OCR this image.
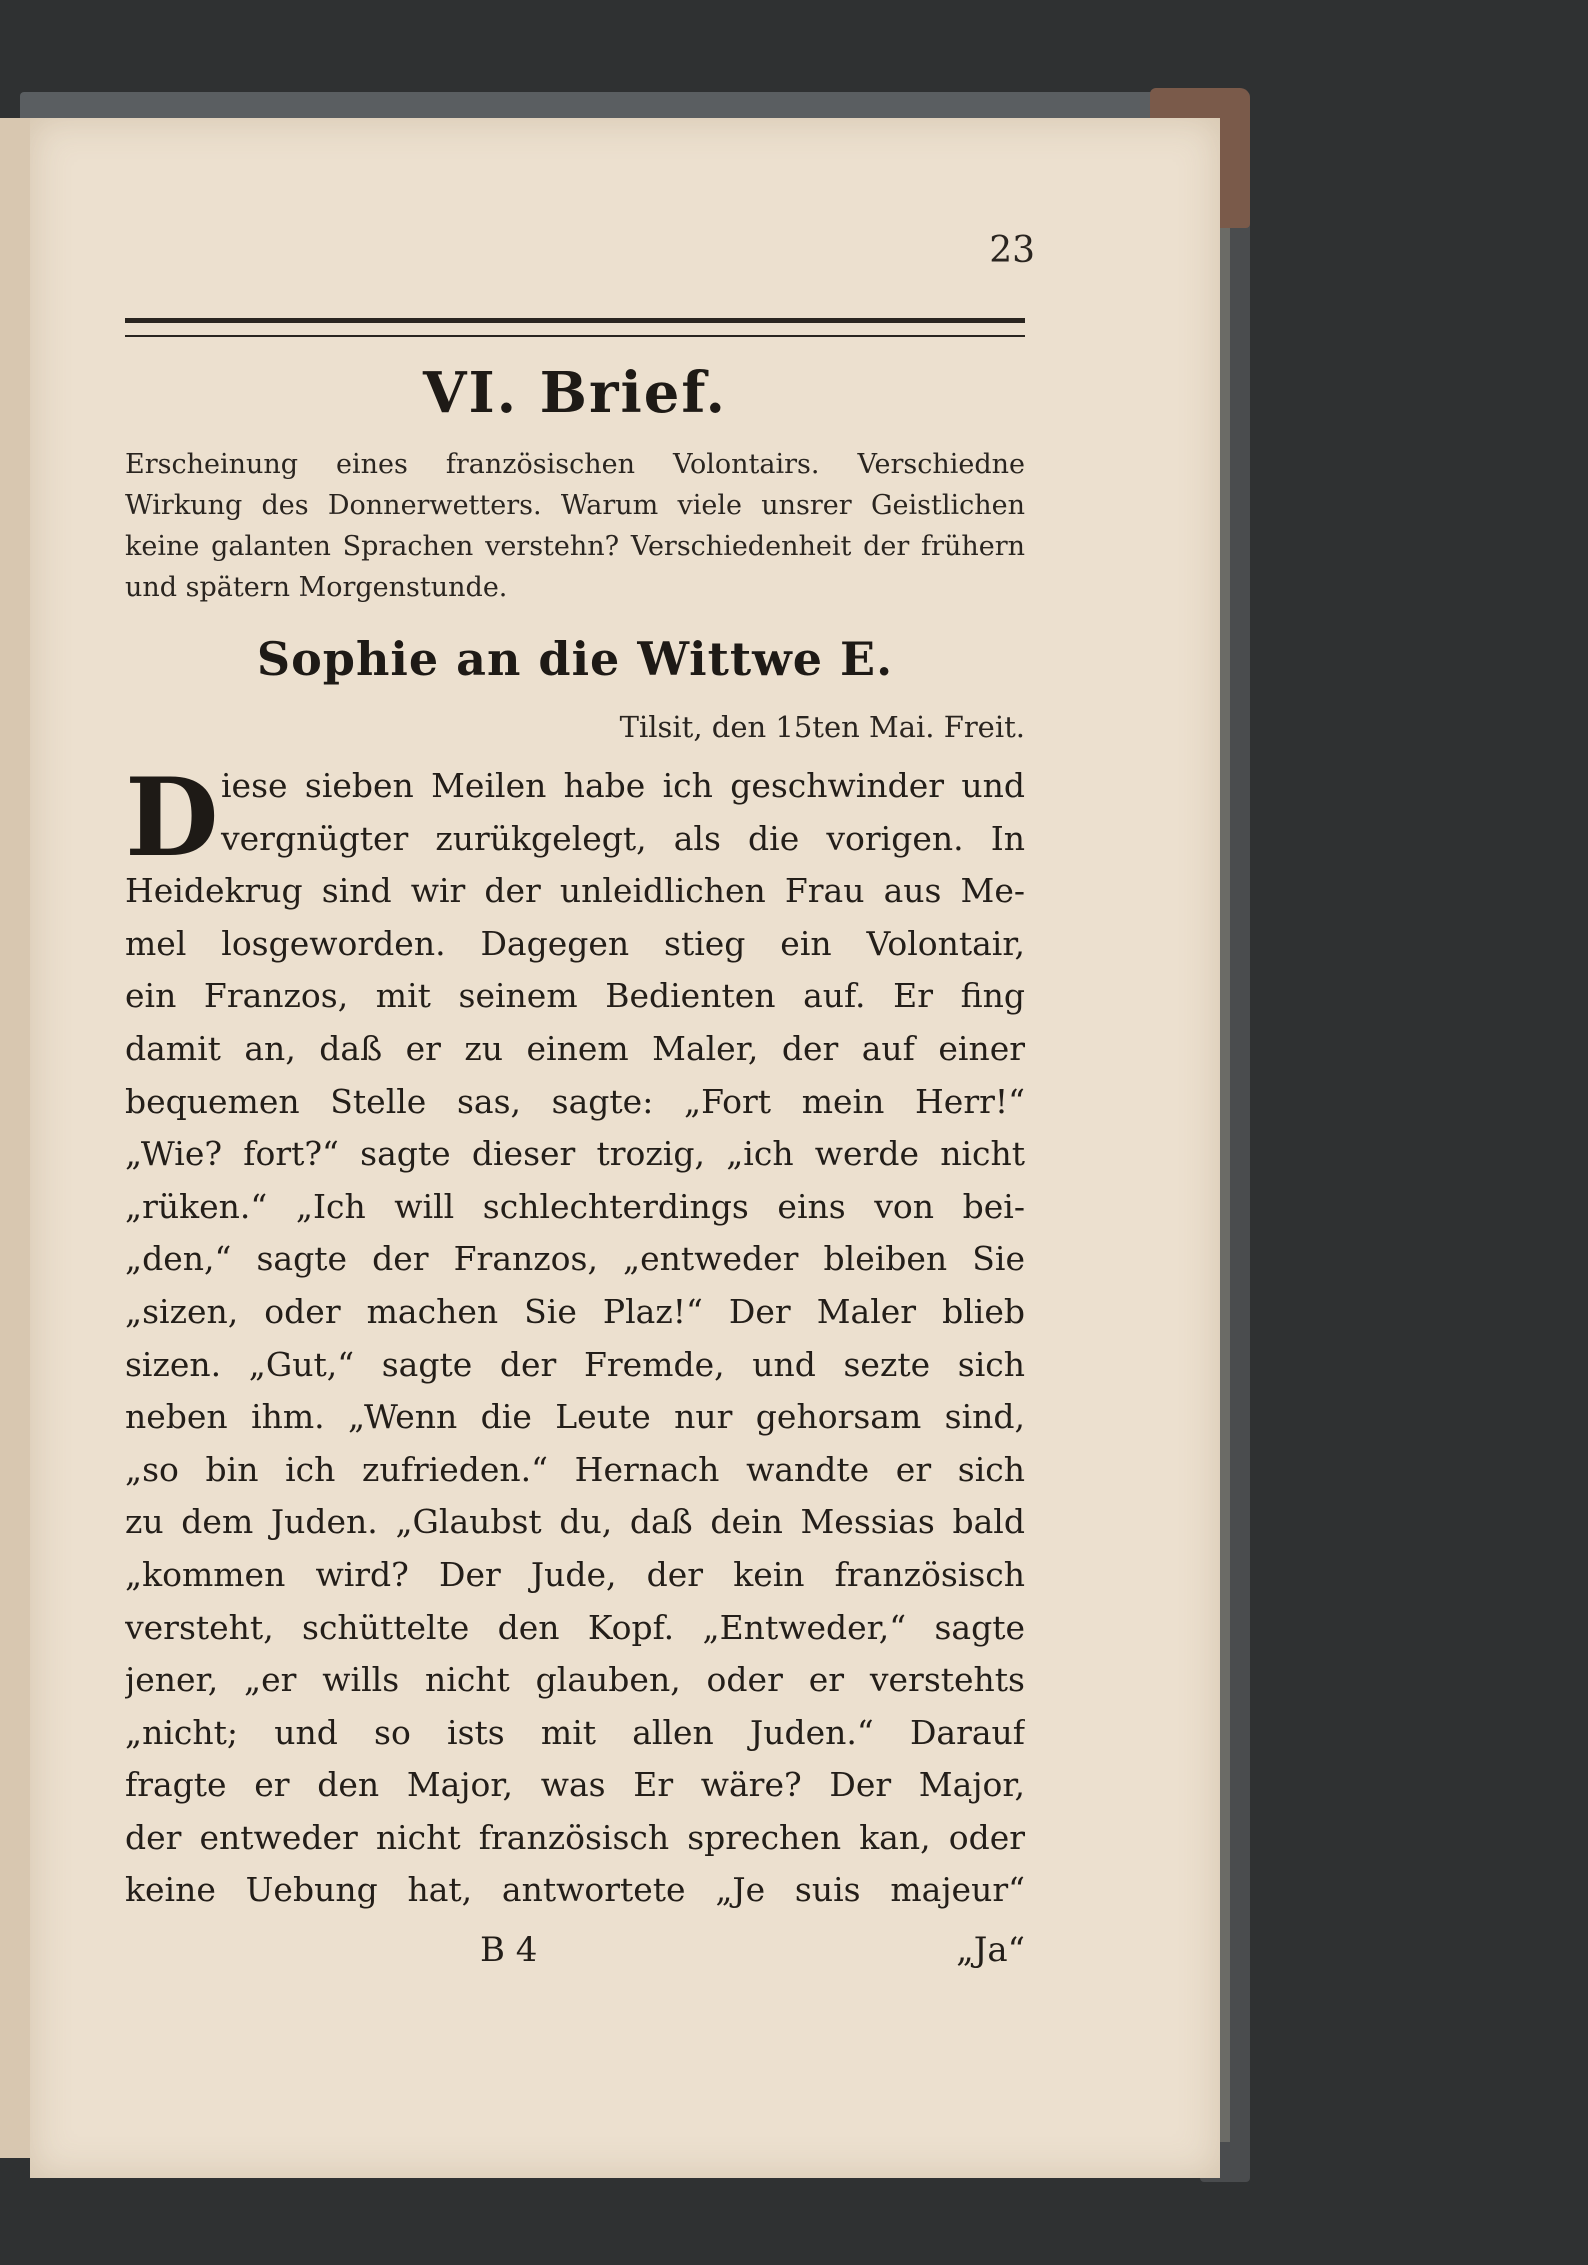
23
VI. Brief.
Erscheinung eines französischen Volontairs. Verschiedne Wirkung des Donnerwetters. Warum viele unsrer Geistlichen keine galanten Sprachen verstehn? Verschiedenheit der frühern und spätern Morgenstunde.
Sophie an die Wittwe E.
Tilsit, den 15ten Mai. Freit.
D iese sieben Meilen habe ich geschwinder und
vergnügter zurükgelegt, als die vorigen. In
Heidekrug sind wir der unleidlichen Frau aus Me-
mel losgeworden. Dagegen stieg ein Volontair,
ein Franzos, mit seinem Bedienten auf. Er fing
damit an, daß er zu einem Maler, der auf einer
bequemen Stelle sas, sagte: „Fort mein Herr!“
„Wie? fort?“ sagte dieser trozig, „ich werde nicht
„rüken.“ „Ich will schlechterdings eins von bei-
„den,“ sagte der Franzos, „entweder bleiben Sie
„sizen, oder machen Sie Plaz!“ Der Maler blieb
sizen. „Gut,“ sagte der Fremde, und sezte sich
neben ihm. „Wenn die Leute nur gehorsam sind,
„so bin ich zufrieden.“ Hernach wandte er sich
zu dem Juden. „Glaubst du, daß dein Messias bald
„kommen wird? Der Jude, der kein französisch
versteht, schüttelte den Kopf. „Entweder,“ sagte
jener, „er wills nicht glauben, oder er verstehts
„nicht; und so ists mit allen Juden.“ Darauf
fragte er den Major, was Er wäre? Der Major,
der entweder nicht französisch sprechen kan, oder
keine Uebung hat, antwortete „Je suis majeur“
B 4	„Ja“
